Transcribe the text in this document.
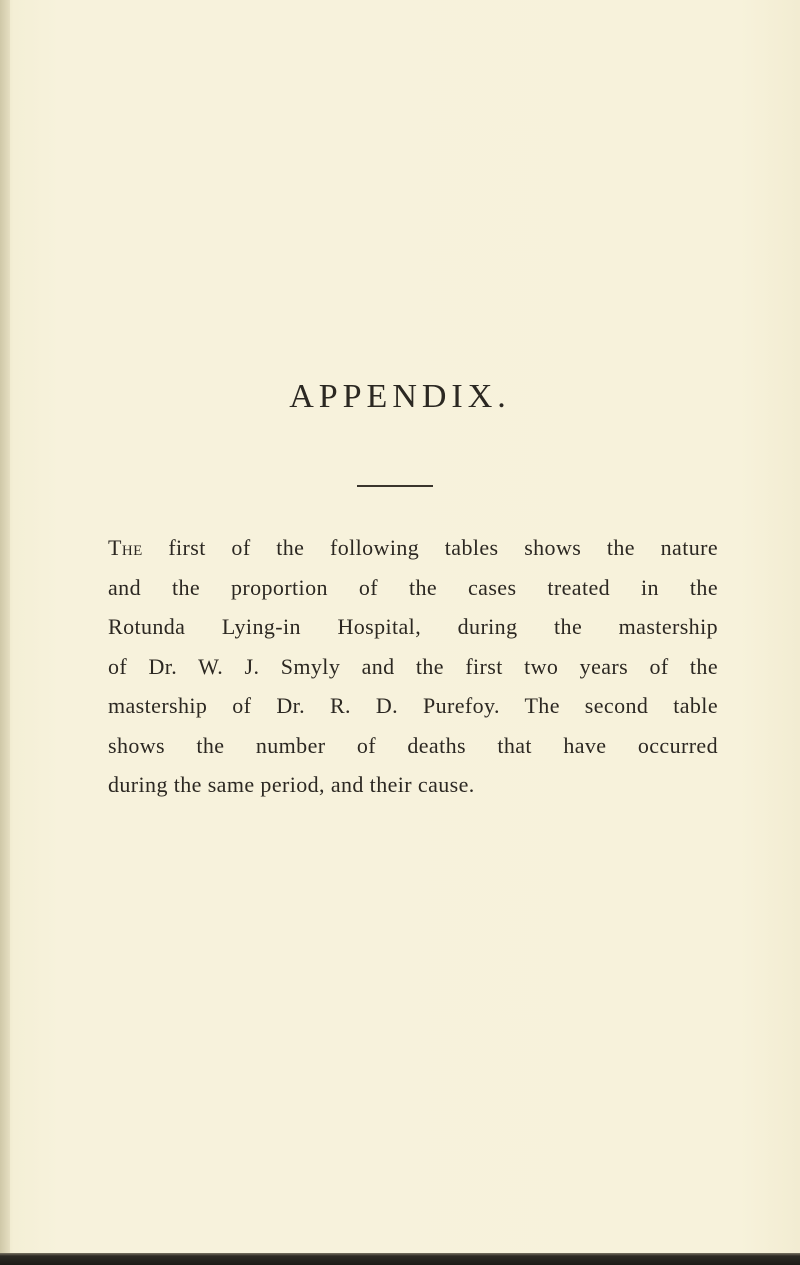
APPENDIX.

The first of the following tables shows the nature
and the proportion of the cases treated in the
Rotunda Lying-in Hospital, during the mastership
of Dr. W. J. Smyly and the first two years of the
mastership of Dr. R. D. Purefoy. The second table
shows the number of deaths that have occurred
during the same period, and their cause.
